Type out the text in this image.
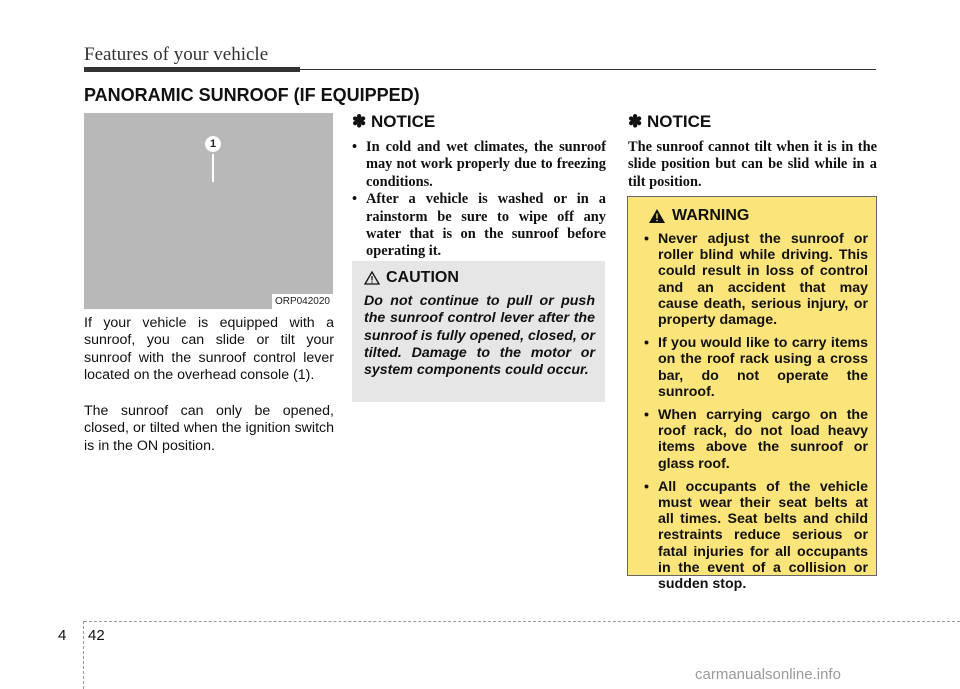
Features of your vehicle
PANORAMIC SUNROOF (IF EQUIPPED)
1
ORP042020

If your vehicle is equipped with a sunroof, you can slide or tilt your sunroof with the sunroof control lever located on the overhead console (1).

The sunroof can only be opened, closed, or tilted when the ignition switch is in the ON position.

✽ NOTICE
• In cold and wet climates, the sunroof may not work properly due to freezing conditions.
• After a vehicle is washed or in a rainstorm be sure to wipe off any water that is on the sunroof before operating it.
CAUTION

Do not continue to pull or push the sunroof control lever after the sunroof is fully opened, closed, or tilted. Damage to the motor or system components could occur.

✽ NOTICE

The sunroof cannot tilt when it is in the slide position but can be slid while in a tilt position.

WARNING
• Never adjust the sunroof or roller blind while driving. This could result in loss of control and an accident that may cause death, serious injury, or property damage.
• If you would like to carry items on the roof rack using a cross bar, do not operate the sunroof.
• When carrying cargo on the roof rack, do not load heavy items above the sunroof or glass roof.
• All occupants of the vehicle must wear their seat belts at all times. Seat belts and child restraints reduce serious or fatal injuries for all occupants in the event of a collision or sudden stop.
4 42
carmanualsonline.info
